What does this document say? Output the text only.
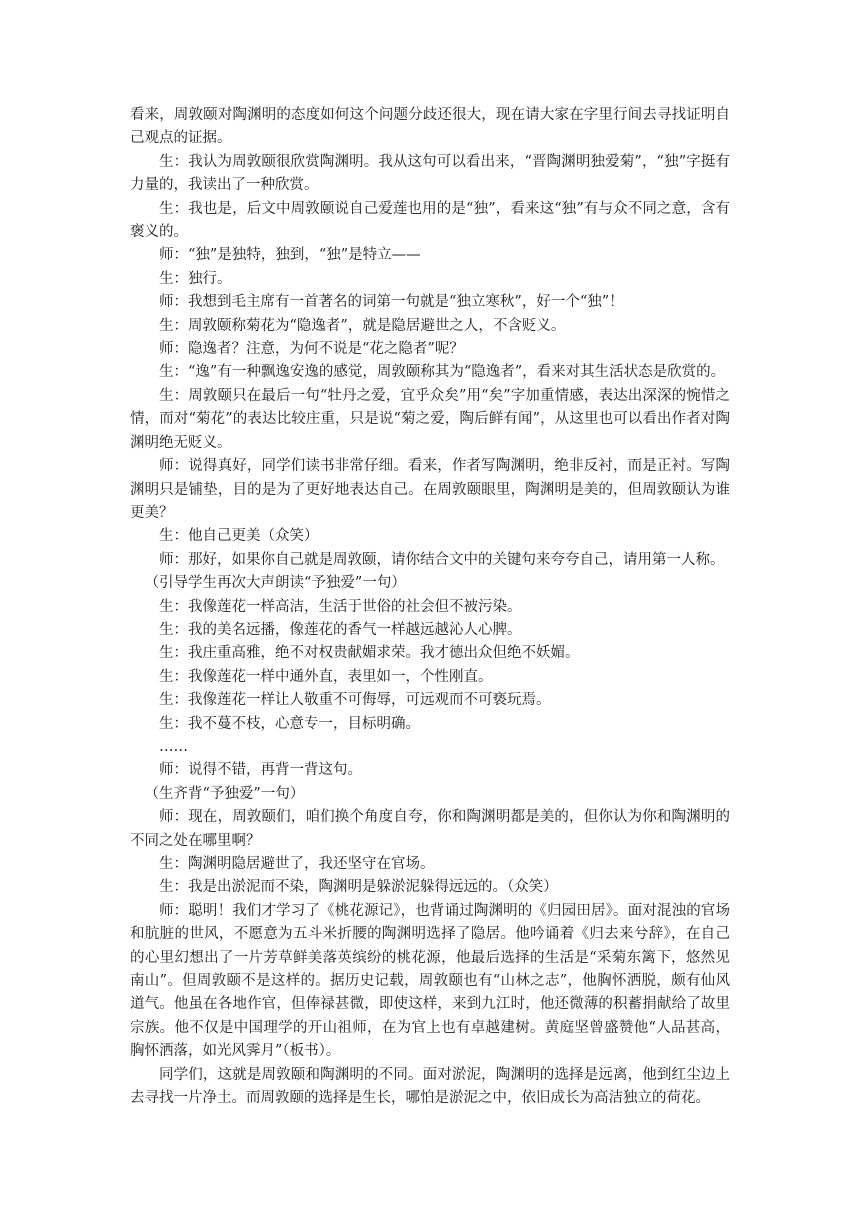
看来，周敦颐对陶渊明的态度如何这个问题分歧还很大，现在请大家在字里行间去寻找证明自己观点的证据。

生：我认为周敦颐很欣赏陶渊明。我从这句可以看出来，“晋陶渊明独爱菊”，“独”字挺有力量的，我读出了一种欣赏。

生：我也是，后文中周敦颐说自己爱莲也用的是“独”，看来这“独”有与众不同之意，含有褒义的。

师：“独”是独特，独到，“独”是特立——

生：独行。

师：我想到毛主席有一首著名的词第一句就是“独立寒秋”，好一个“独”！

生：周敦颐称菊花为“隐逸者”，就是隐居避世之人，不含贬义。

师：隐逸者？注意，为何不说是“花之隐者”呢？

生：“逸”有一种飘逸安逸的感觉，周敦颐称其为“隐逸者”，看来对其生活状态是欣赏的。

生：周敦颐只在最后一句“牡丹之爱，宜乎众矣”用“矣”字加重情感，表达出深深的惋惜之情，而对“菊花”的表达比较庄重，只是说“菊之爱，陶后鲜有闻”，从这里也可以看出作者对陶渊明绝无贬义。

师：说得真好，同学们读书非常仔细。看来，作者写陶渊明，绝非反衬，而是正衬。写陶渊明只是铺垫，目的是为了更好地表达自己。在周敦颐眼里，陶渊明是美的，但周敦颐认为谁更美？

生：他自己更美（众笑）

师：那好，如果你自己就是周敦颐，请你结合文中的关键句来夸夸自己，请用第一人称。

（引导学生再次大声朗读“予独爱”一句）

生：我像莲花一样高洁，生活于世俗的社会但不被污染。

生：我的美名远播，像莲花的香气一样越远越沁人心脾。

生：我庄重高雅，绝不对权贵献媚求荣。我才德出众但绝不妖媚。

生：我像莲花一样中通外直，表里如一，个性刚直。

生：我像莲花一样让人敬重不可侮辱，可远观而不可亵玩焉。

生：我不蔓不枝，心意专一，目标明确。

……

师：说得不错，再背一背这句。

（生齐背“予独爱”一句）

师：现在，周敦颐们，咱们换个角度自夸，你和陶渊明都是美的，但你认为你和陶渊明的不同之处在哪里啊？

生：陶渊明隐居避世了，我还坚守在官场。

生：我是出淤泥而不染，陶渊明是躲淤泥躲得远远的。（众笑）

师：聪明！我们才学习了《桃花源记》，也背诵过陶渊明的《归园田居》。面对混浊的官场和肮脏的世风，不愿意为五斗米折腰的陶渊明选择了隐居。他吟诵着《归去来兮辞》，在自己的心里幻想出了一片芳草鲜美落英缤纷的桃花源，他最后选择的生活是“采菊东篱下，悠然见南山”。但周敦颐不是这样的。据历史记载，周敦颐也有“山林之志”，他胸怀洒脱，颇有仙风道气。他虽在各地作官，但俸禄甚微，即使这样，来到九江时，他还微薄的积蓄捐献给了故里宗族。他不仅是中国理学的开山祖师，在为官上也有卓越建树。黄庭坚曾盛赞他“人品甚高，胸怀洒落，如光风霁月”（板书）。

同学们，这就是周敦颐和陶渊明的不同。面对淤泥，陶渊明的选择是远离，他到红尘边上去寻找一片净土。而周敦颐的选择是生长，哪怕是淤泥之中，依旧成长为高洁独立的荷花。
